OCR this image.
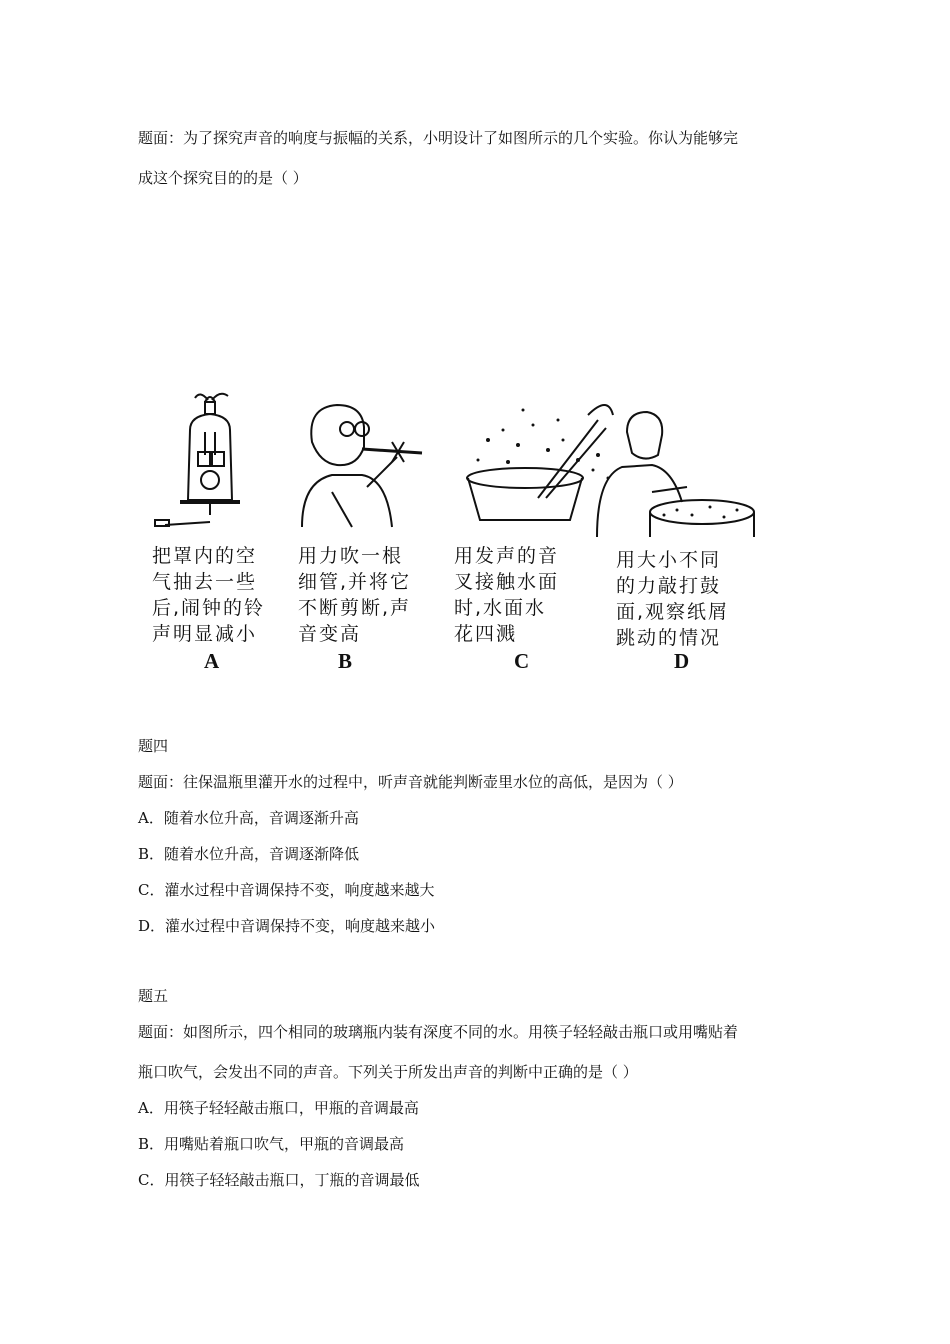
题面：为了探究声音的响度与振幅的关系，小明设计了如图所示的几个实验。你认为能够完
成这个探究目的的是（ ）
把罩内的空
气抽去一些
后,闹钟的铃
声明显减小
用力吹一根
细管,并将它
不断剪断,声
音变高
用发声的音
叉接触水面
时,水面水
花四溅
用大小不同
的力敲打鼓
面,观察纸屑
跳动的情况
A	B	C	D
题四
题面：往保温瓶里灌开水的过程中，听声音就能判断壶里水位的高低，是因为（ ）
A．随着水位升高，音调逐渐升高
B．随着水位升高，音调逐渐降低
C．灌水过程中音调保持不变，响度越来越大
D．灌水过程中音调保持不变，响度越来越小
题五
题面：如图所示，四个相同的玻璃瓶内装有深度不同的水。用筷子轻轻敲击瓶口或用嘴贴着
瓶口吹气，会发出不同的声音。下列关于所发出声音的判断中正确的是（ ）
A．用筷子轻轻敲击瓶口，甲瓶的音调最高
B．用嘴贴着瓶口吹气，甲瓶的音调最高
C．用筷子轻轻敲击瓶口，丁瓶的音调最低
